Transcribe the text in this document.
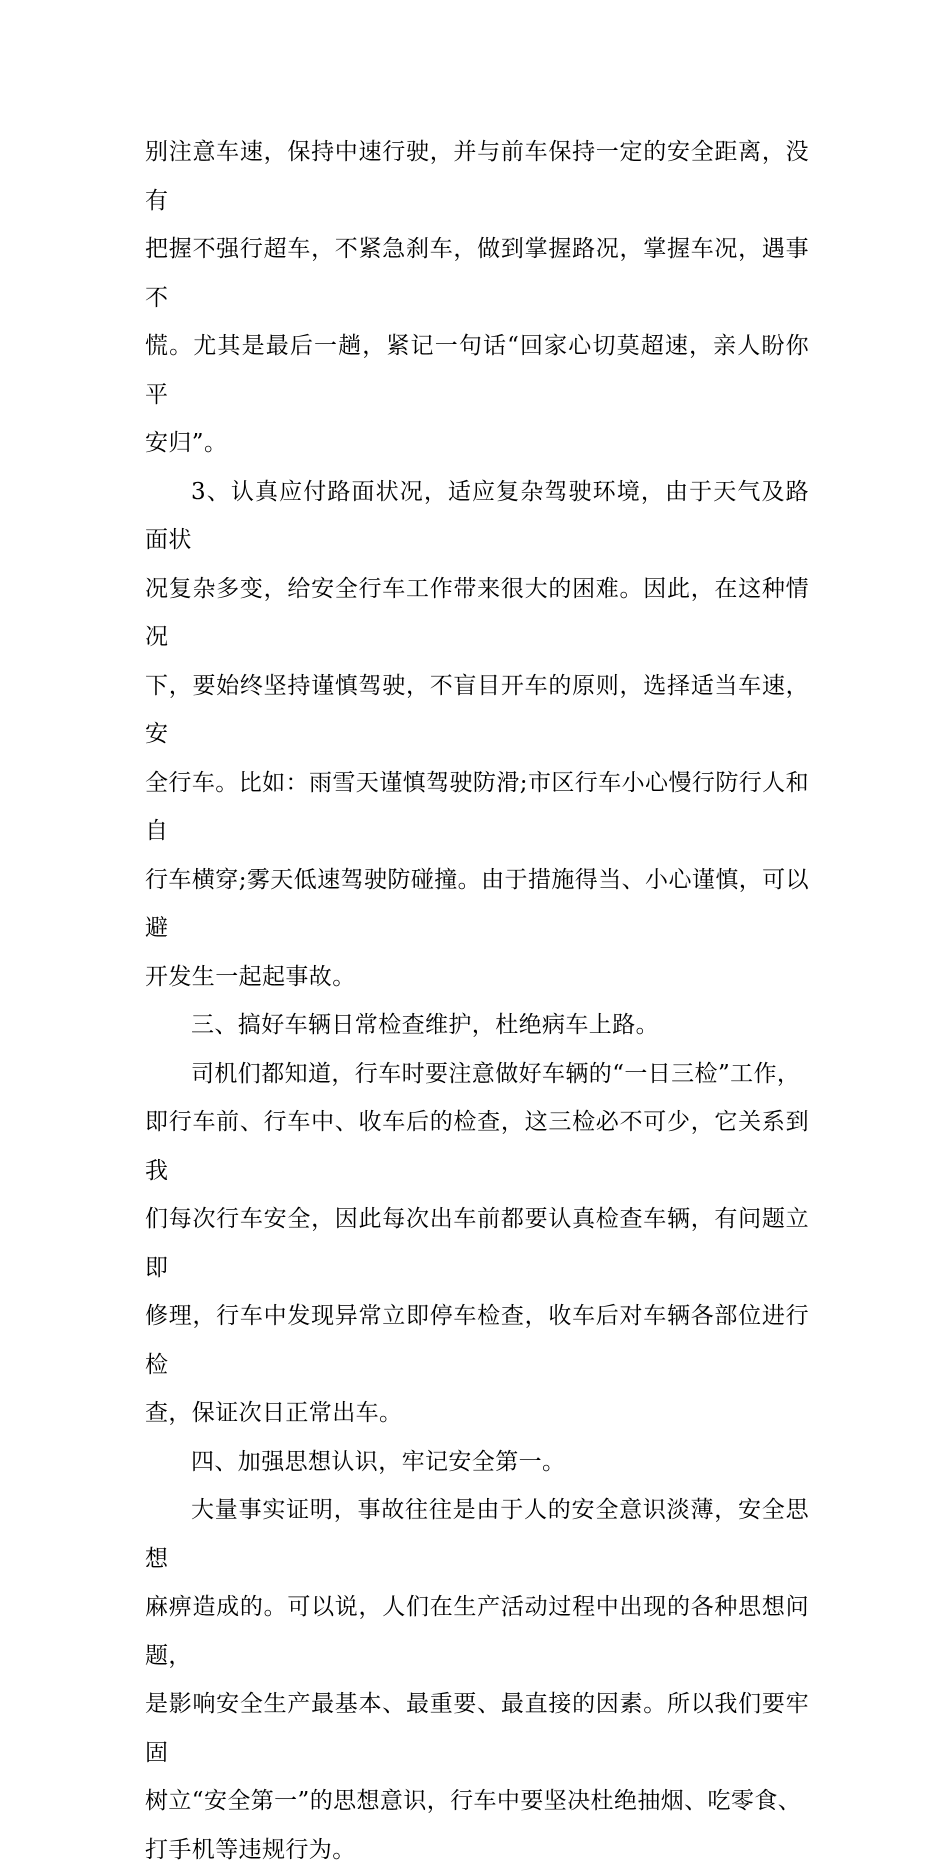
别注意车速，保持中速行驶，并与前车保持一定的安全距离，没有
把握不强行超车，不紧急刹车，做到掌握路况，掌握车况，遇事不
慌。尤其是最后一趟，紧记一句话“回家心切莫超速，亲人盼你平
安归”。

3、认真应付路面状况，适应复杂驾驶环境，由于天气及路面状
况复杂多变，给安全行车工作带来很大的困难。因此，在这种情况
下，要始终坚持谨慎驾驶，不盲目开车的原则，选择适当车速，安
全行车。比如：雨雪天谨慎驾驶防滑;市区行车小心慢行防行人和自
行车横穿;雾天低速驾驶防碰撞。由于措施得当、小心谨慎，可以避
开发生一起起事故。

三、搞好车辆日常检查维护，杜绝病车上路。

司机们都知道，行车时要注意做好车辆的“一日三检”工作，
即行车前、行车中、收车后的检查，这三检必不可少，它关系到我
们每次行车安全，因此每次出车前都要认真检查车辆，有问题立即
修理，行车中发现异常立即停车检查，收车后对车辆各部位进行检
查，保证次日正常出车。

四、加强思想认识，牢记安全第一。

大量事实证明，事故往往是由于人的安全意识淡薄，安全思想
麻痹造成的。可以说，人们在生产活动过程中出现的各种思想问题，
是影响安全生产最基本、最重要、最直接的因素。所以我们要牢固
树立“安全第一”的思想意识，行车中要坚决杜绝抽烟、吃零食、
打手机等违规行为。
